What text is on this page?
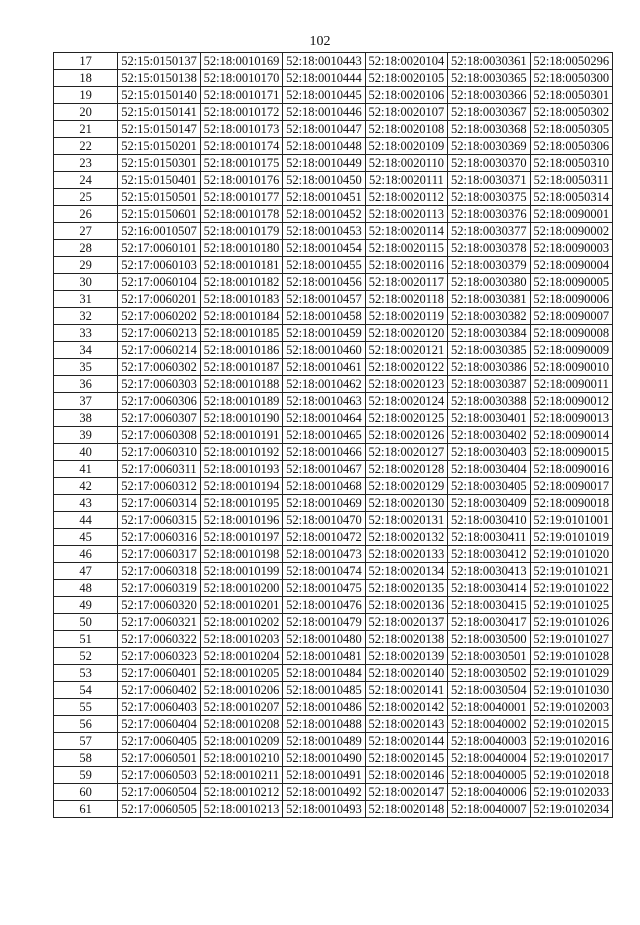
102
17	52:15:0150137	52:18:0010169	52:18:0010443	52:18:0020104	52:18:0030361	52:18:0050296
18	52:15:0150138	52:18:0010170	52:18:0010444	52:18:0020105	52:18:0030365	52:18:0050300
19	52:15:0150140	52:18:0010171	52:18:0010445	52:18:0020106	52:18:0030366	52:18:0050301
20	52:15:0150141	52:18:0010172	52:18:0010446	52:18:0020107	52:18:0030367	52:18:0050302
21	52:15:0150147	52:18:0010173	52:18:0010447	52:18:0020108	52:18:0030368	52:18:0050305
22	52:15:0150201	52:18:0010174	52:18:0010448	52:18:0020109	52:18:0030369	52:18:0050306
23	52:15:0150301	52:18:0010175	52:18:0010449	52:18:0020110	52:18:0030370	52:18:0050310
24	52:15:0150401	52:18:0010176	52:18:0010450	52:18:0020111	52:18:0030371	52:18:0050311
25	52:15:0150501	52:18:0010177	52:18:0010451	52:18:0020112	52:18:0030375	52:18:0050314
26	52:15:0150601	52:18:0010178	52:18:0010452	52:18:0020113	52:18:0030376	52:18:0090001
27	52:16:0010507	52:18:0010179	52:18:0010453	52:18:0020114	52:18:0030377	52:18:0090002
28	52:17:0060101	52:18:0010180	52:18:0010454	52:18:0020115	52:18:0030378	52:18:0090003
29	52:17:0060103	52:18:0010181	52:18:0010455	52:18:0020116	52:18:0030379	52:18:0090004
30	52:17:0060104	52:18:0010182	52:18:0010456	52:18:0020117	52:18:0030380	52:18:0090005
31	52:17:0060201	52:18:0010183	52:18:0010457	52:18:0020118	52:18:0030381	52:18:0090006
32	52:17:0060202	52:18:0010184	52:18:0010458	52:18:0020119	52:18:0030382	52:18:0090007
33	52:17:0060213	52:18:0010185	52:18:0010459	52:18:0020120	52:18:0030384	52:18:0090008
34	52:17:0060214	52:18:0010186	52:18:0010460	52:18:0020121	52:18:0030385	52:18:0090009
35	52:17:0060302	52:18:0010187	52:18:0010461	52:18:0020122	52:18:0030386	52:18:0090010
36	52:17:0060303	52:18:0010188	52:18:0010462	52:18:0020123	52:18:0030387	52:18:0090011
37	52:17:0060306	52:18:0010189	52:18:0010463	52:18:0020124	52:18:0030388	52:18:0090012
38	52:17:0060307	52:18:0010190	52:18:0010464	52:18:0020125	52:18:0030401	52:18:0090013
39	52:17:0060308	52:18:0010191	52:18:0010465	52:18:0020126	52:18:0030402	52:18:0090014
40	52:17:0060310	52:18:0010192	52:18:0010466	52:18:0020127	52:18:0030403	52:18:0090015
41	52:17:0060311	52:18:0010193	52:18:0010467	52:18:0020128	52:18:0030404	52:18:0090016
42	52:17:0060312	52:18:0010194	52:18:0010468	52:18:0020129	52:18:0030405	52:18:0090017
43	52:17:0060314	52:18:0010195	52:18:0010469	52:18:0020130	52:18:0030409	52:18:0090018
44	52:17:0060315	52:18:0010196	52:18:0010470	52:18:0020131	52:18:0030410	52:19:0101001
45	52:17:0060316	52:18:0010197	52:18:0010472	52:18:0020132	52:18:0030411	52:19:0101019
46	52:17:0060317	52:18:0010198	52:18:0010473	52:18:0020133	52:18:0030412	52:19:0101020
47	52:17:0060318	52:18:0010199	52:18:0010474	52:18:0020134	52:18:0030413	52:19:0101021
48	52:17:0060319	52:18:0010200	52:18:0010475	52:18:0020135	52:18:0030414	52:19:0101022
49	52:17:0060320	52:18:0010201	52:18:0010476	52:18:0020136	52:18:0030415	52:19:0101025
50	52:17:0060321	52:18:0010202	52:18:0010479	52:18:0020137	52:18:0030417	52:19:0101026
51	52:17:0060322	52:18:0010203	52:18:0010480	52:18:0020138	52:18:0030500	52:19:0101027
52	52:17:0060323	52:18:0010204	52:18:0010481	52:18:0020139	52:18:0030501	52:19:0101028
53	52:17:0060401	52:18:0010205	52:18:0010484	52:18:0020140	52:18:0030502	52:19:0101029
54	52:17:0060402	52:18:0010206	52:18:0010485	52:18:0020141	52:18:0030504	52:19:0101030
55	52:17:0060403	52:18:0010207	52:18:0010486	52:18:0020142	52:18:0040001	52:19:0102003
56	52:17:0060404	52:18:0010208	52:18:0010488	52:18:0020143	52:18:0040002	52:19:0102015
57	52:17:0060405	52:18:0010209	52:18:0010489	52:18:0020144	52:18:0040003	52:19:0102016
58	52:17:0060501	52:18:0010210	52:18:0010490	52:18:0020145	52:18:0040004	52:19:0102017
59	52:17:0060503	52:18:0010211	52:18:0010491	52:18:0020146	52:18:0040005	52:19:0102018
60	52:17:0060504	52:18:0010212	52:18:0010492	52:18:0020147	52:18:0040006	52:19:0102033
61	52:17:0060505	52:18:0010213	52:18:0010493	52:18:0020148	52:18:0040007	52:19:0102034
